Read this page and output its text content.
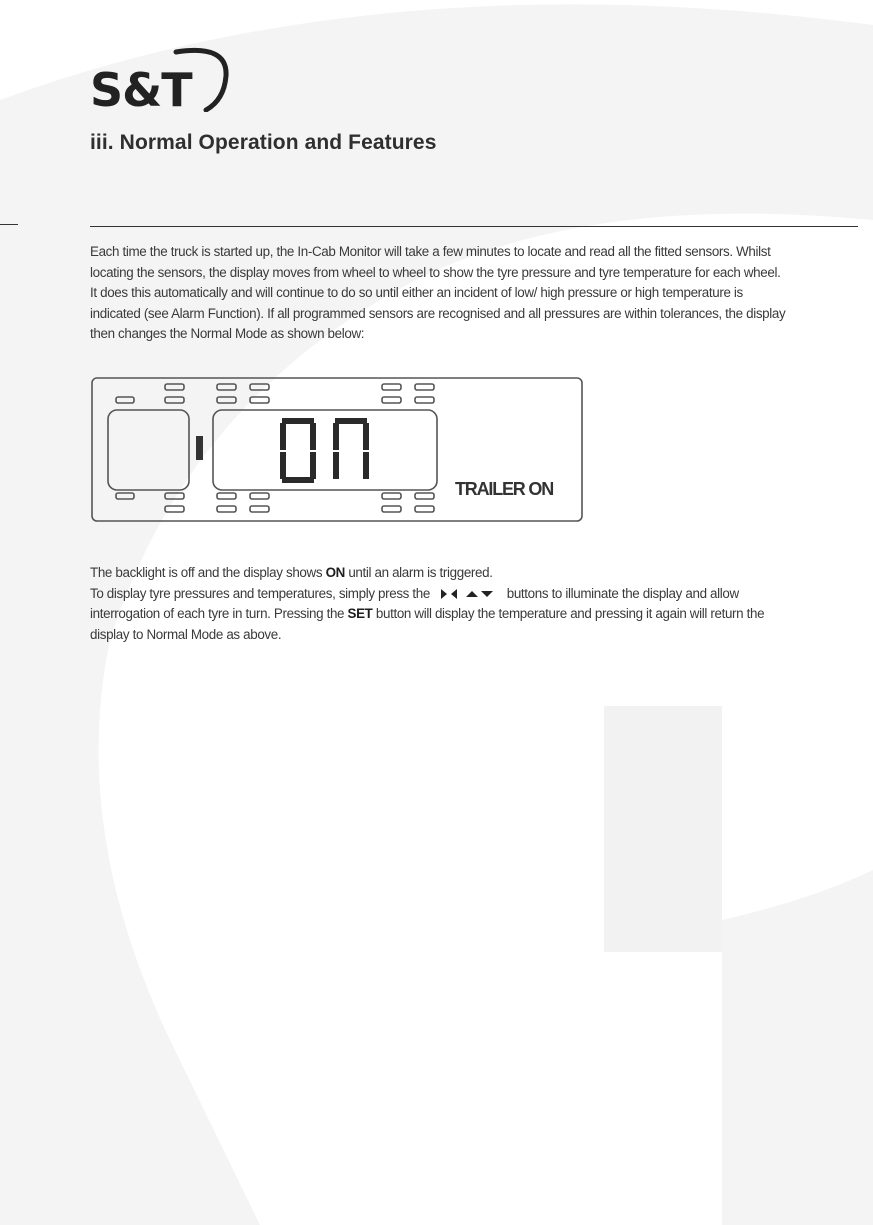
S&T
iii. Normal Operation and Features

Each time the truck is started up, the In-Cab Monitor will take a few minutes to locate and read all the fitted sensors. Whilst locating the sensors, the display moves from wheel to wheel to show the tyre pressure and tyre temperature for each wheel. It does this automatically and will continue to do so until either an incident of low/ high pressure or high temperature is indicated (see Alarm Function). If all programmed sensors are recognised and all pressures are within tolerances, the display then changes the Normal Mode as shown below:

TRAILER ON

The backlight is off and the display shows ON until an alarm is triggered.
To display tyre pressures and temperatures, simply press the	buttons to illuminate the display and allow interrogation of each tyre in turn. Pressing the SET button will display the temperature and pressing it again will return the display to Normal Mode as above.
